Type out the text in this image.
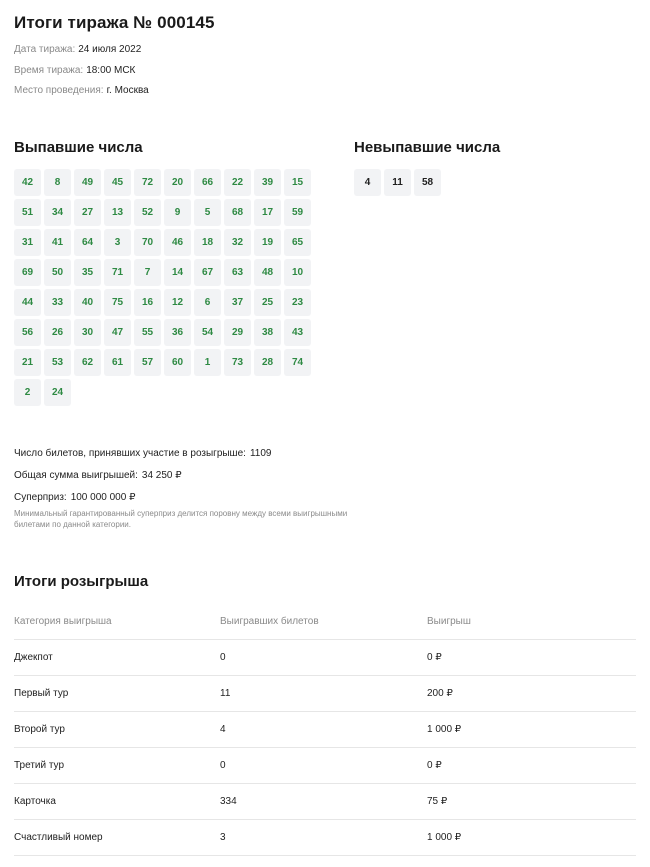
Итоги тиража № 000145
Дата тиража: 24 июля 2022
Время тиража: 18:00 МСК
Место проведения: г. Москва
Выпавшие числа
42	8	49	45	72	20	66	22	39	15
51	34	27	13	52	9	5	68	17	59
31	41	64	3	70	46	18	32	19	65
69	50	35	71	7	14	67	63	48	10
44	33	40	75	16	12	6	37	25	23
56	26	30	47	55	36	54	29	38	43
21	53	62	61	57	60	1	73	28	74
2	24
Невыпавшие числа
4	11	58
Число билетов, принявших участие в розыгрыше: 1109
Общая сумма выигрышей: 34 250 ₽
Суперприз: 100 000 000 ₽
Минимальный гарантированный суперприз делится поровну между всеми выигрышными билетами по данной категории.
Итоги розыгрыша
Категория выигрыша	Выигравших билетов	Выигрыш
Джекпот	0	0 ₽
Первый тур	11	200 ₽
Второй тур	4	1 000 ₽
Третий тур	0	0 ₽
Карточка	334	75 ₽
Счастливый номер	3	1 000 ₽
